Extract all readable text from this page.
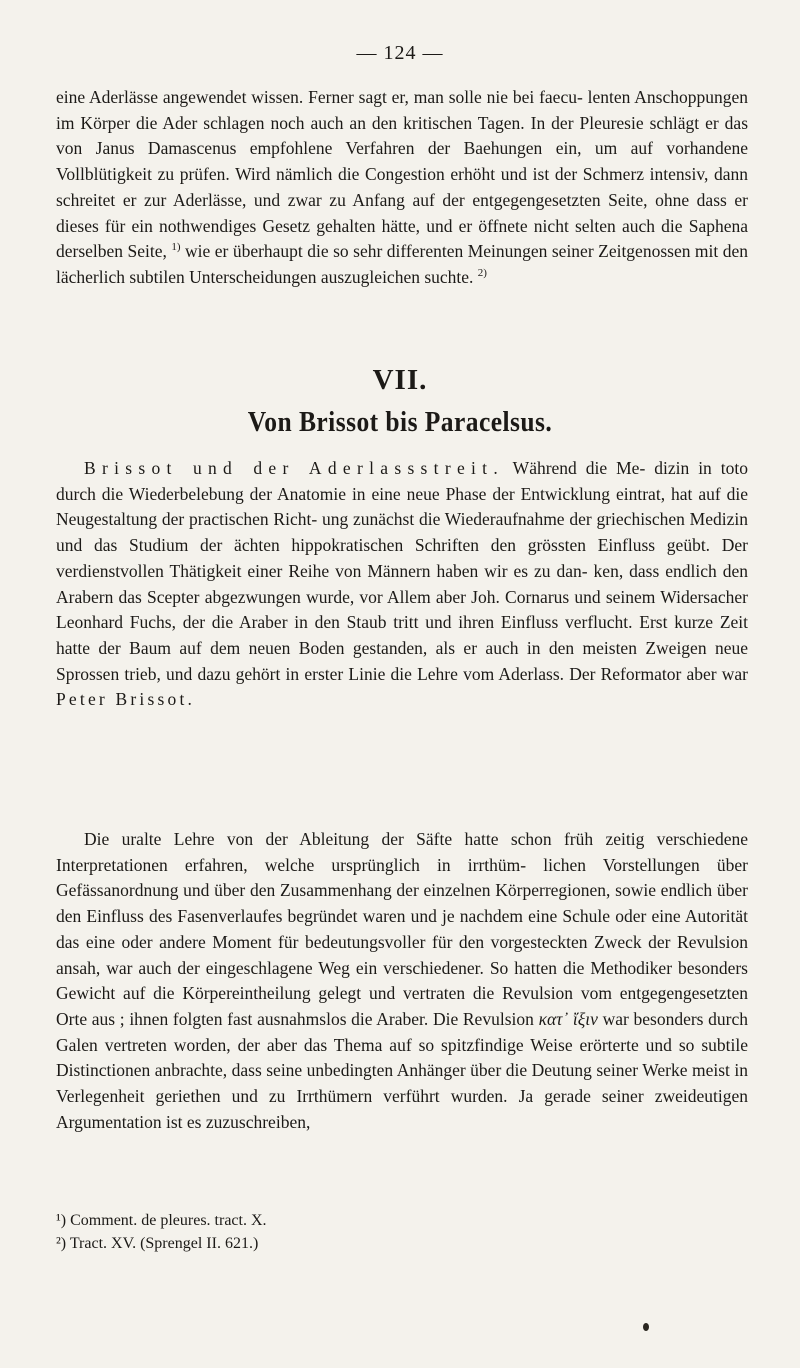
— 124 —
eine Aderlässe angewendet wissen. Ferner sagt er, man solle nie bei faecu- lenten Anschoppungen im Körper die Ader schlagen noch auch an den kritischen Tagen. In der Pleuresie schlägt er das von Janus Damascenus empfohlene Verfahren der Baehungen ein, um auf vorhandene Vollblütigkeit zu prüfen. Wird nämlich die Congestion erhöht und ist der Schmerz intensiv, dann schreitet er zur Aderlässe, und zwar zu Anfang auf der entgegengesetzten Seite, ohne dass er dieses für ein nothwendiges Gesetz gehalten hätte, und er öffnete nicht selten auch die Saphena derselben Seite, $^{1)}$ wie er überhaupt die so sehr differenten Meinungen seiner Zeitgenossen mit den lächerlich subtilen Unterscheidungen auszugleichen suchte. $^{2)}$
VII.
Von Brissot bis Paracelsus.
Brissot und der Aderlassstreit. Während die Me- dizin in toto durch die Wiederbelebung der Anatomie in eine neue Phase der Entwicklung eintrat, hat auf die Neugestaltung der practischen Richt- ung zunächst die Wiederaufnahme der griechischen Medizin und das Studium der ächten hippokratischen Schriften den grössten Einfluss geübt. Der verdienstvollen Thätigkeit einer Reihe von Männern haben wir es zu dan- ken, dass endlich den Arabern das Scepter abgezwungen wurde, vor Allem aber Joh. Cornarus und seinem Widersacher Leonhard Fuchs, der die Araber in den Staub tritt und ihren Einfluss verflucht. Erst kurze Zeit hatte der Baum auf dem neuen Boden gestanden, als er auch in den meisten Zweigen neue Sprossen trieb, und dazu gehört in erster Linie die Lehre vom Aderlass. Der Reformator aber war Peter Brissot.
Die uralte Lehre von der Ableitung der Säfte hatte schon früh zeitig verschiedene Interpretationen erfahren, welche ursprünglich in irrthüm- lichen Vorstellungen über Gefässanordnung und über den Zusammenhang der einzelnen Körperregionen, sowie endlich über den Einfluss des Fasenverlaufes begründet waren und je nachdem eine Schule oder eine Autorität das eine oder andere Moment für bedeutungsvoller für den vorgesteckten Zweck der Revulsion ansah, war auch der eingeschlagene Weg ein verschiedener. So hatten die Methodiker besonders Gewicht auf die Körpereintheilung gelegt und vertraten die Revulsion vom entgegengesetzten Orte aus ; ihnen folgten fast ausnahmslos die Araber. Die Revulsion κατ᾽ ἴξιν war besonders durch Galen vertreten worden, der aber das Thema auf so spitzfindige Weise erörterte und so subtile Distinctionen anbrachte, dass seine unbedingten Anhänger über die Deutung seiner Werke meist in Verlegenheit geriethen und zu Irrthümern verführt wurden. Ja gerade seiner zweideutigen Argumentation ist es zuzuschreiben,
¹) Comment. de pleures. tract. X.
²) Tract. XV. (Sprengel II. 621.)
